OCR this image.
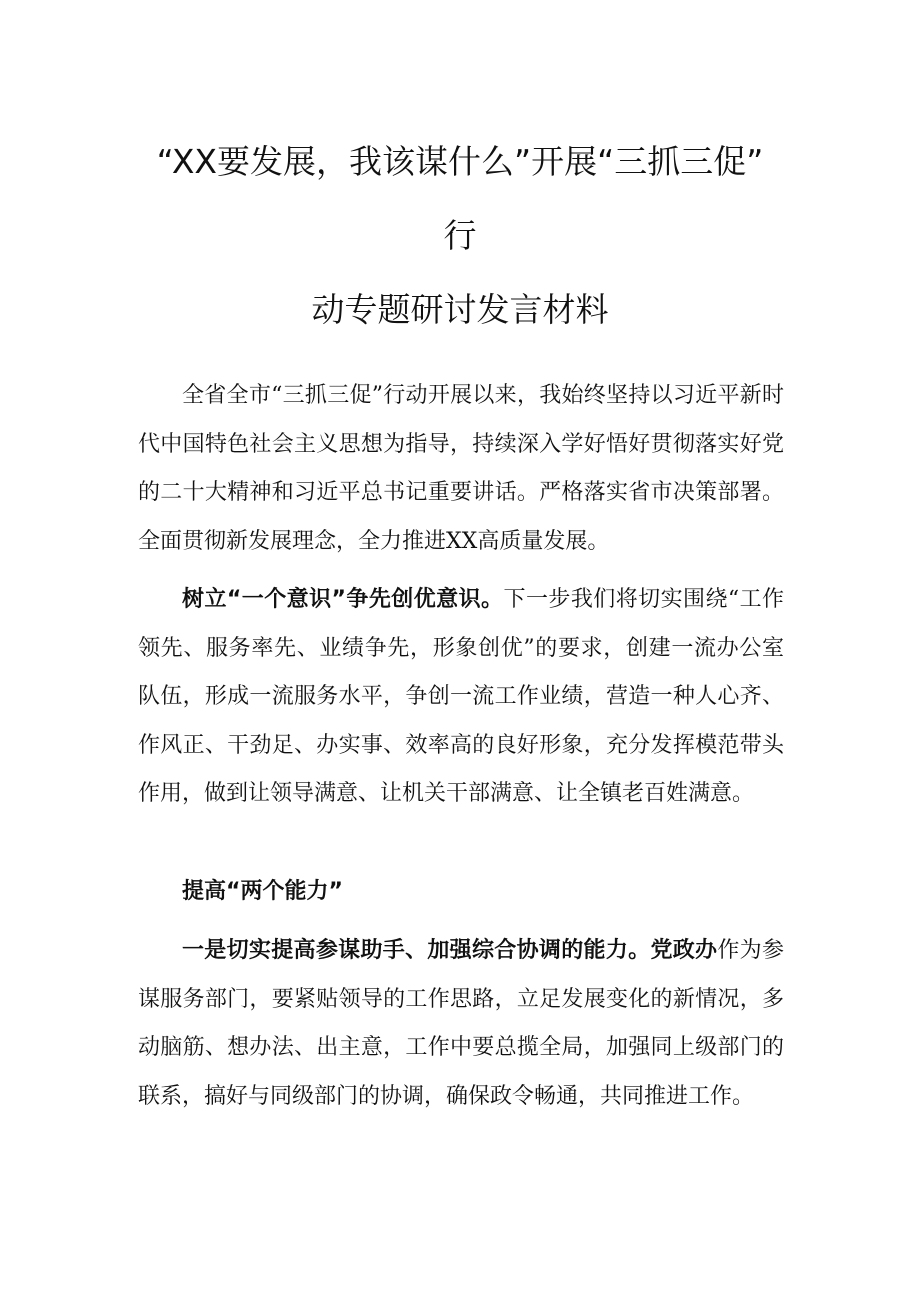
“XX要发展，我该谋什么”开展“三抓三促”
行
动专题研讨发言材料

全省全市“三抓三促”行动开展以来，我始终坚持以习近平新时代中国特色社会主义思想为指导，持续深入学好悟好贯彻落实好党的二十大精神和习近平总书记重要讲话。严格落实省市决策部署。全面贯彻新发展理念，全力推进XX高质量发展。

树立“一个意识”争先创优意识。下一步我们将切实围绕“工作领先、服务率先、业绩争先，形象创优”的要求，创建一流办公室队伍，形成一流服务水平，争创一流工作业绩，营造一种人心齐、作风正、干劲足、办实事、效率高的良好形象，充分发挥模范带头作用，做到让领导满意、让机关干部满意、让全镇老百姓满意。

提高“两个能力”

一是切实提高参谋助手、加强综合协调的能力。党政办作为参谋服务部门，要紧贴领导的工作思路，立足发展变化的新情况，多动脑筋、想办法、出主意，工作中要总揽全局，加强同上级部门的联系，搞好与同级部门的协调，确保政令畅通，共同推进工作。
